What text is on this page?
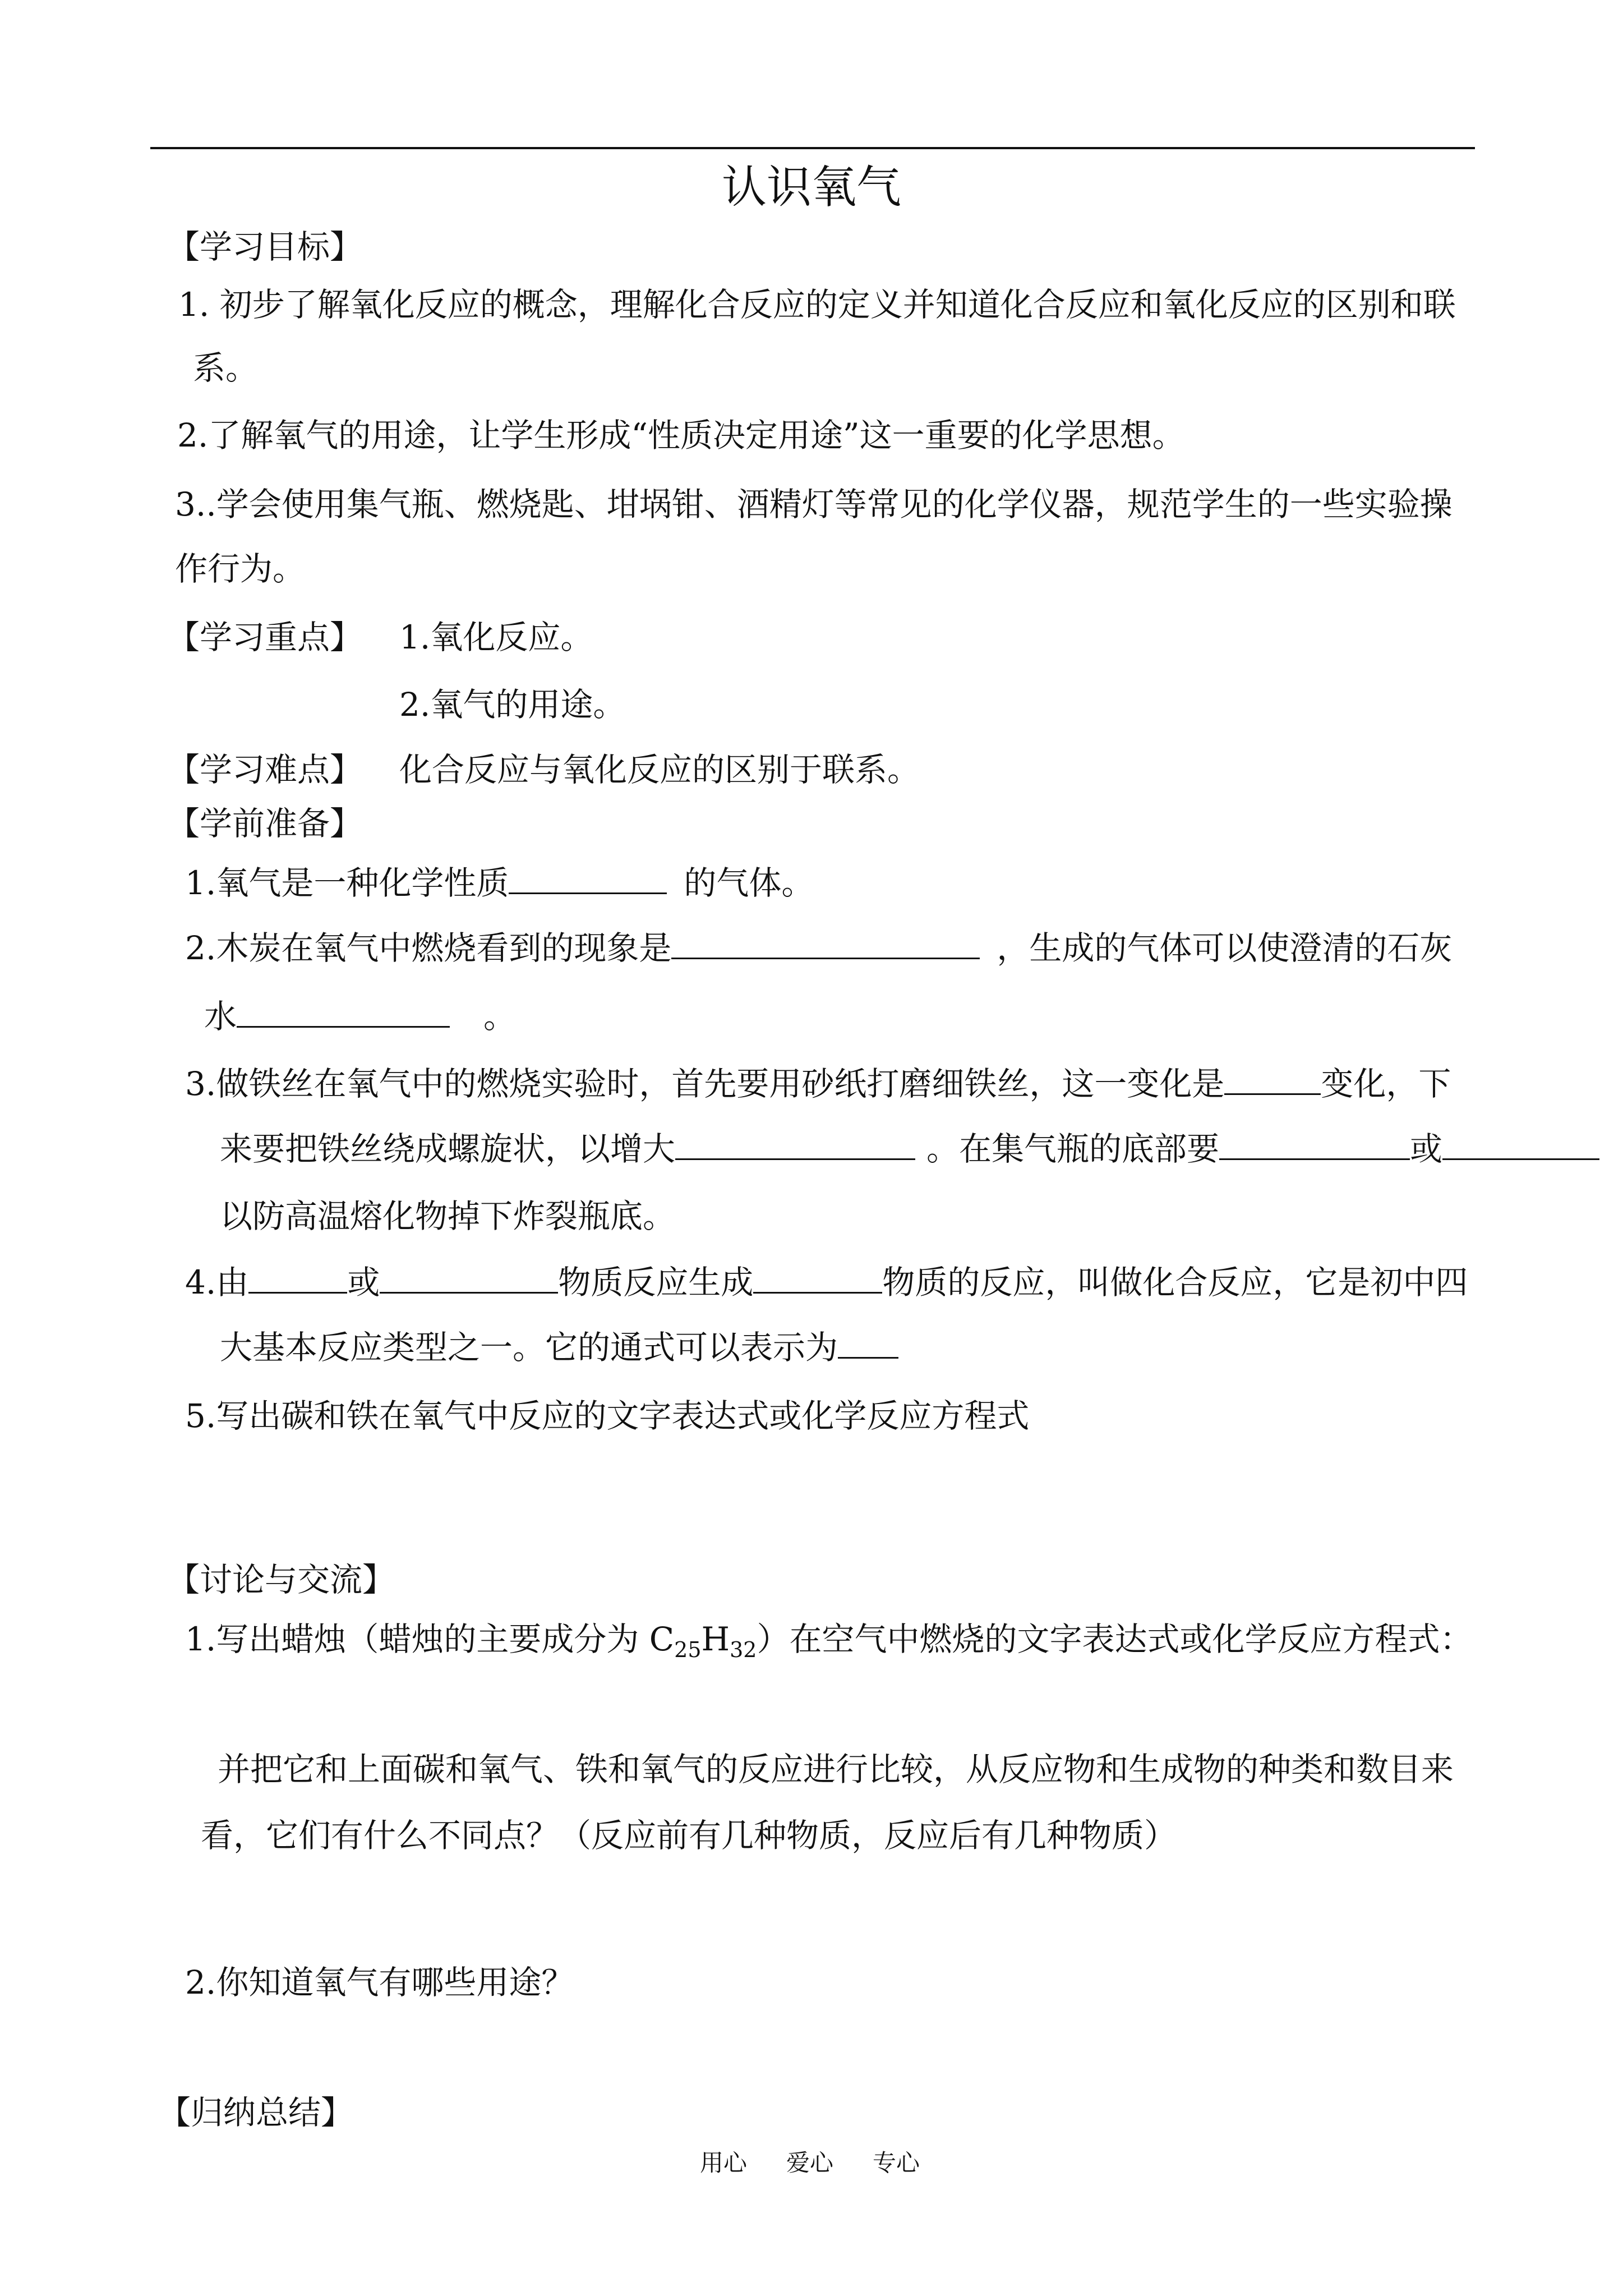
认识氧气
【学习目标】
1. 初步了解氧化反应的概念，理解化合反应的定义并知道化合反应和氧化反应的区别和联
系。
2.了解氧气的用途，让学生形成“性质决定用途”这一重要的化学思想。
3..学会使用集气瓶、燃烧匙、坩埚钳、酒精灯等常见的化学仪器，规范学生的一些实验操
作行为。
【学习重点】 1.氧化反应。
2.氧气的用途。
【学习难点】 化合反应与氧化反应的区别于联系。
【学前准备】
1.氧气是一种化学性质	的气体。
2.木炭在氧气中燃烧看到的现象是	，生成的气体可以使澄清的石灰
水	。
3.做铁丝在氧气中的燃烧实验时，首先要用砂纸打磨细铁丝，这一变化是	变化，下
来要把铁丝绕成螺旋状，以增大	。在集气瓶的底部要	或
以防高温熔化物掉下炸裂瓶底。
4.由	或	物质反应生成	物质的反应，叫做化合反应，它是初中四
大基本反应类型之一。它的通式可以表示为
5.写出碳和铁在氧气中反应的文字表达式或化学反应方程式
【讨论与交流】
1.写出蜡烛（蜡烛的主要成分为 $C_{25}H_{32}$）在空气中燃烧的文字表达式或化学反应方程式：
并把它和上面碳和氧气、铁和氧气的反应进行比较，从反应物和生成物的种类和数目来
看，它们有什么不同点？（反应前有几种物质，反应后有几种物质）
2.你知道氧气有哪些用途？
【归纳总结】
用心 爱心 专心
